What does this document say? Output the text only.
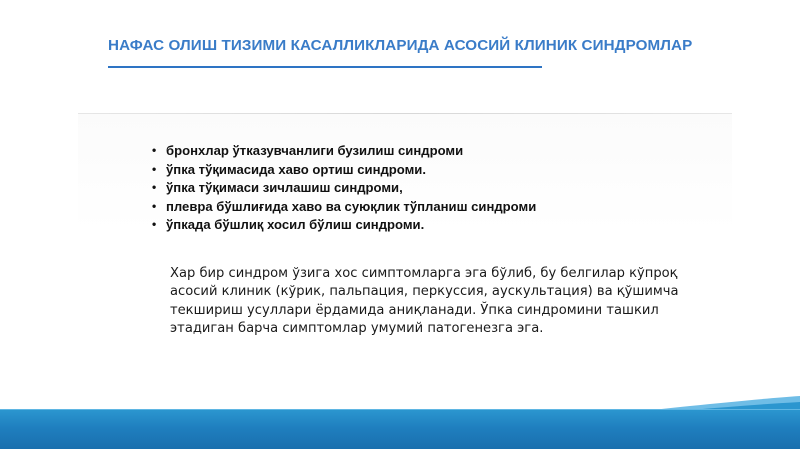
НАФАС ОЛИШ ТИЗИМИ КАСАЛЛИКЛАРИДА АСОСИЙ КЛИНИК СИНДРОМЛАР
• бронхлар ўтказувчанлиги бузилиш синдроми
• ўпка тўқимасида хаво ортиш синдроми.
• ўпка тўқимаси зичлашиш синдроми,
• плевра бўшлиғида хаво ва суюқлик тўпланиш синдроми
• ўпкада бўшлиқ хосил бўлиш синдроми.

Хар бир синдром ўзига хос симптомларга эга бўлиб, бу белгилар кўпроқ асосий клиник (кўрик, пальпация, перкуссия, аускультация) ва қўшимча текшириш усуллари ёрдамида аниқланади. Ўпка синдромини ташкил этадиган барча симптомлар умумий патогенезга эга.
